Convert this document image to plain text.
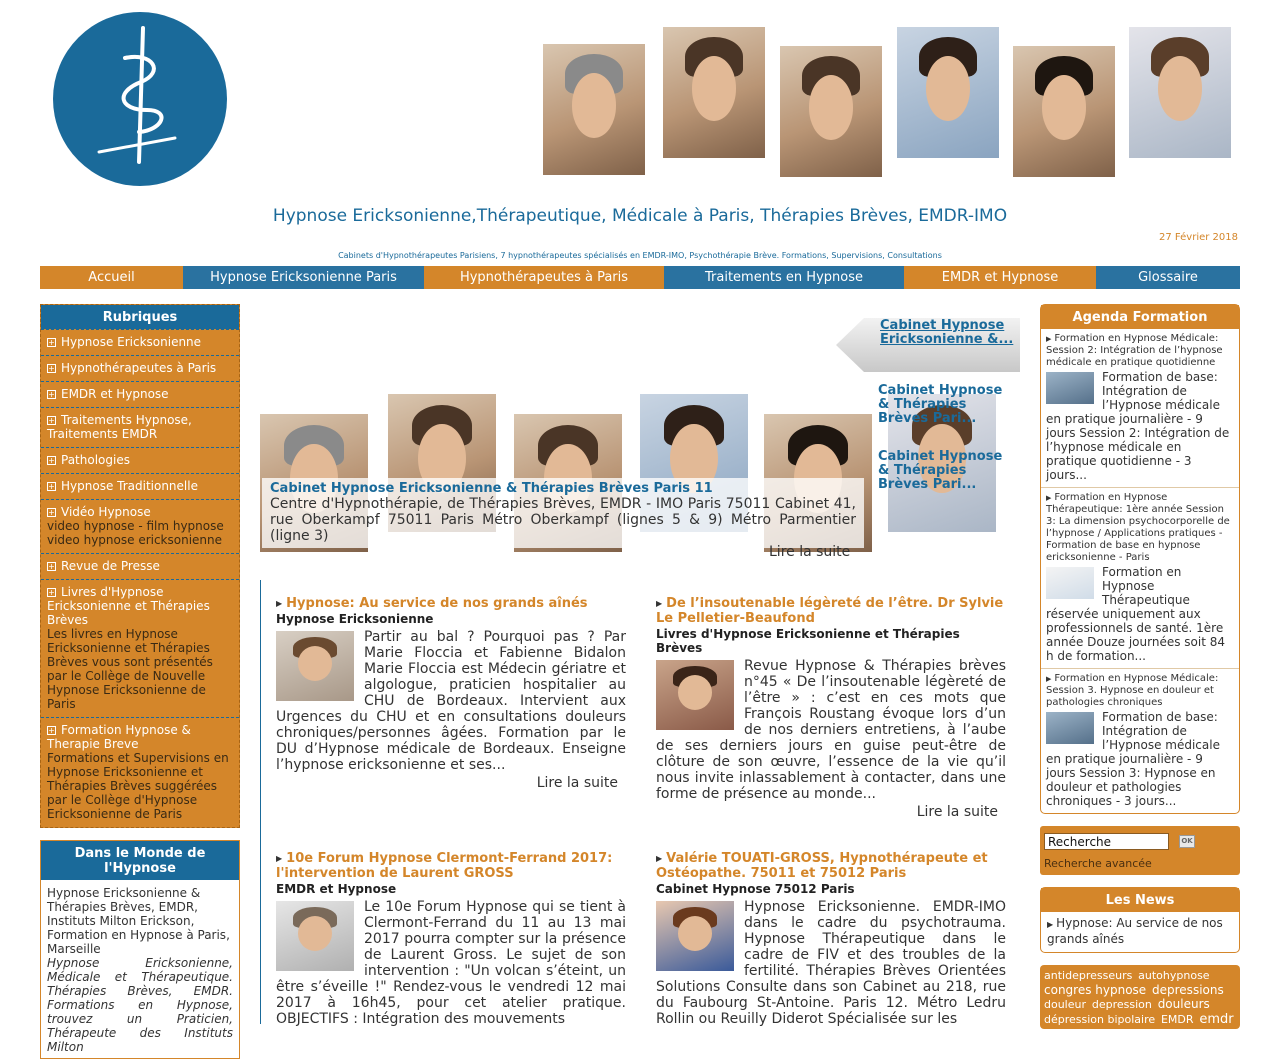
Hypnose Ericksonienne,Thérapeutique, Médicale à Paris, Thérapies Brèves, EMDR-IMO
27 Février 2018
Cabinets d'Hypnothérapeutes Parisiens, 7 hypnothérapeutes spécialisés en EMDR-IMO, Psychothérapie Brève. Formations, Supervisions, Consultations
Accueil	Hypnose Ericksonienne Paris	Hypnothérapeutes à Paris	Traitements en Hypnose	EMDR et Hypnose	Glossaire
Rubriques
+ Hypnose Ericksonienne
+ Hypnothérapeutes à Paris
+ EMDR et Hypnose
+ Traitements Hypnose, Traitements EMDR
+ Pathologies
+ Hypnose Traditionnelle
+ Vidéo Hypnose
video hypnose - film hypnose video hypnose ericksonienne
+ Revue de Presse
+ Livres d'Hypnose Ericksonienne et Thérapies Brèves
Les livres en Hypnose Ericksonienne et Thérapies Brèves vous sont présentés par le Collège de Nouvelle Hypnose Ericksonienne de Paris
+ Formation Hypnose & Therapie Breve
Formations et Supervisions en Hypnose Ericksonienne et Thérapies Brèves suggérées par le Collège d'Hypnose Ericksonienne de Paris
Dans le Monde de l'Hypnose
Hypnose Ericksonienne & Thérapies Brèves, EMDR, Instituts Milton Erickson, Formation en Hypnose à Paris, Marseille
Hypnose Ericksonienne, Médicale et Thérapeutique. Thérapies Brèves, EMDR. Formations en Hypnose, trouvez un Praticien, Thérapeute des Instituts Milton
Cabinet Hypnose Ericksonienne &...
Cabinet Hypnose & Thérapies Brèves Pari...
Cabinet Hypnose & Thérapies Brèves Pari...
Cabinet Hypnose Ericksonienne & Thérapies Brèves Paris 11
Centre d'Hypnothérapie, de Thérapies Brèves, EMDR - IMO Paris 75011 Cabinet 41, rue Oberkampf 75011 Paris Métro Oberkampf (lignes 5 & 9) Métro Parmentier (ligne 3)
Lire la suite
▶ Hypnose: Au service de nos grands aînés
Hypnose Ericksonienne
Partir au bal ? Pourquoi pas ? Par Marie Floccia et Fabienne Bidalon Marie Floccia est Médecin gériatre et algologue, praticien hospitalier au CHU de Bordeaux. Intervient aux Urgences du CHU et en consultations douleurs chroniques/personnes âgées. Formation par le DU d’Hypnose médicale de Bordeaux. Enseigne l’hypnose ericksonienne et ses...
Lire la suite
▶ De l’insoutenable légèreté de l’être. Dr Sylvie Le Pelletier-Beaufond
Livres d'Hypnose Ericksonienne et Thérapies Brèves
Revue Hypnose & Thérapies brèves n°45 « De l’insoutenable légèreté de l’être » : c’est en ces mots que François Roustang évoque lors d’un de nos derniers entretiens, à l’aube de ses derniers jours en guise peut-être de clôture de son œuvre, l’essence de la vie qu’il nous invite inlassablement à contacter, dans une forme de présence au monde...
Lire la suite
▶ 10e Forum Hypnose Clermont-Ferrand 2017: l'intervention de Laurent GROSS
EMDR et Hypnose
Le 10e Forum Hypnose qui se tient à Clermont-Ferrand du 11 au 13 mai 2017 pourra compter sur la présence de Laurent Gross. Le sujet de son intervention : "Un volcan s’éteint, un être s’éveille !" Rendez-vous le vendredi 12 mai 2017 à 16h45, pour cet atelier pratique. OBJECTIFS : Intégration des mouvements
▶ Valérie TOUATI-GROSS, Hypnothérapeute et Ostéopathe. 75011 et 75012 Paris
Cabinet Hypnose 75012 Paris
Hypnose Ericksonienne. EMDR-IMO dans le cadre du psychotrauma. Hypnose Thérapeutique dans le cadre de FIV et des troubles de la fertilité. Thérapies Brèves Orientées Solutions Consulte dans son Cabinet au 218, rue du Faubourg St-Antoine. Paris 12. Métro Ledru Rollin ou Reuilly Diderot Spécialisée sur les
Agenda Formation
▶ Formation en Hypnose Médicale: Session 2: Intégration de l’hypnose médicale en pratique quotidienne
Formation de base: Intégration de l’Hypnose médicale en pratique journalière - 9 jours Session 2: Intégration de l’hypnose médicale en pratique quotidienne - 3 jours...
▶ Formation en Hypnose Thérapeutique: 1ère année Session 3: La dimension psychocorporelle de l’hypnose / Applications pratiques - Formation de base en hypnose ericksonienne - Paris
Formation en Hypnose Thérapeutique réservée uniquement aux professionnels de santé. 1ère année Douze journées soit 84 h de formation...
▶ Formation en Hypnose Médicale: Session 3. Hypnose en douleur et pathologies chroniques
Formation de base: Intégration de l’Hypnose médicale en pratique journalière - 9 jours Session 3: Hypnose en douleur et pathologies chroniques - 3 jours...
Recherche
OK
Recherche avancée
Les News
▶ Hypnose: Au service de nos grands aînés
antidepresseurs autohypnose congres hypnose depressions douleur depression douleurs dépression bipolaire EMDR emdr
